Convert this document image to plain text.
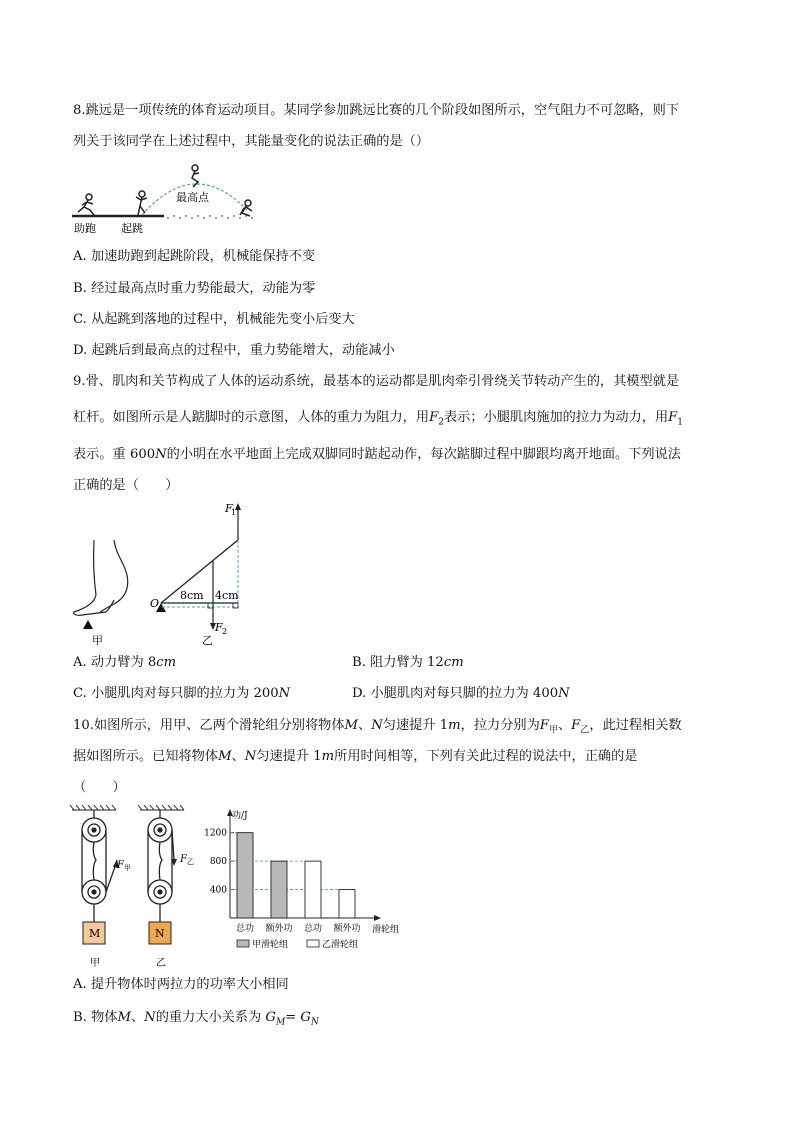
8.跳远是一项传统的体育运动项目。某同学参加跳远比赛的几个阶段如图所示，空气阻力不可忽略，则下
列关于该同学在上述过程中，其能量变化的说法正确的是（）
最高点
助跑 起跳
A. 加速助跑到起跳阶段，机械能保持不变
B. 经过最高点时重力势能最大，动能为零
C. 从起跳到落地的过程中，机械能先变小后变大
D. 起跳后到最高点的过程中，重力势能增大，动能减小
9.骨、肌肉和关节构成了人体的运动系统，最基本的运动都是肌肉牵引骨绕关节转动产生的，其模型就是
杠杆。如图所示是人踮脚时的示意图，人体的重力为阻力，用$F_2$表示；小腿肌肉施加的拉力为动力，用$F_1$
表示。重 600N的小明在水平地面上完成双脚同时踮起动作，每次踮脚过程中脚跟均离开地面。下列说法
正确的是（　　）
甲
O
F
1
F 2
8cm 4cm
乙
A. 动力臂为 8cm	B. 阻力臂为 12cm
C. 小腿肌肉对每只脚的拉力为 200N	D. 小腿肌肉对每只脚的拉力为 400N
10.如图所示，用甲、乙两个滑轮组分别将物体M、N匀速提升 1m，拉力分别为$F_甲$、$F_乙$，此过程相关数
据如图所示。已知将物体M、N匀速提升 1m所用时间相等，下列有关此过程的说法中，正确的是
（　　）
F 甲
M
甲
F 乙
N
乙
功/J
滑轮组
400
800
1200
总功 额外功 总功 额外功
甲滑轮组	乙滑轮组
A. 提升物体时两拉力的功率大小相同
B. 物体M、N的重力大小关系为 $G_M= G_N$
